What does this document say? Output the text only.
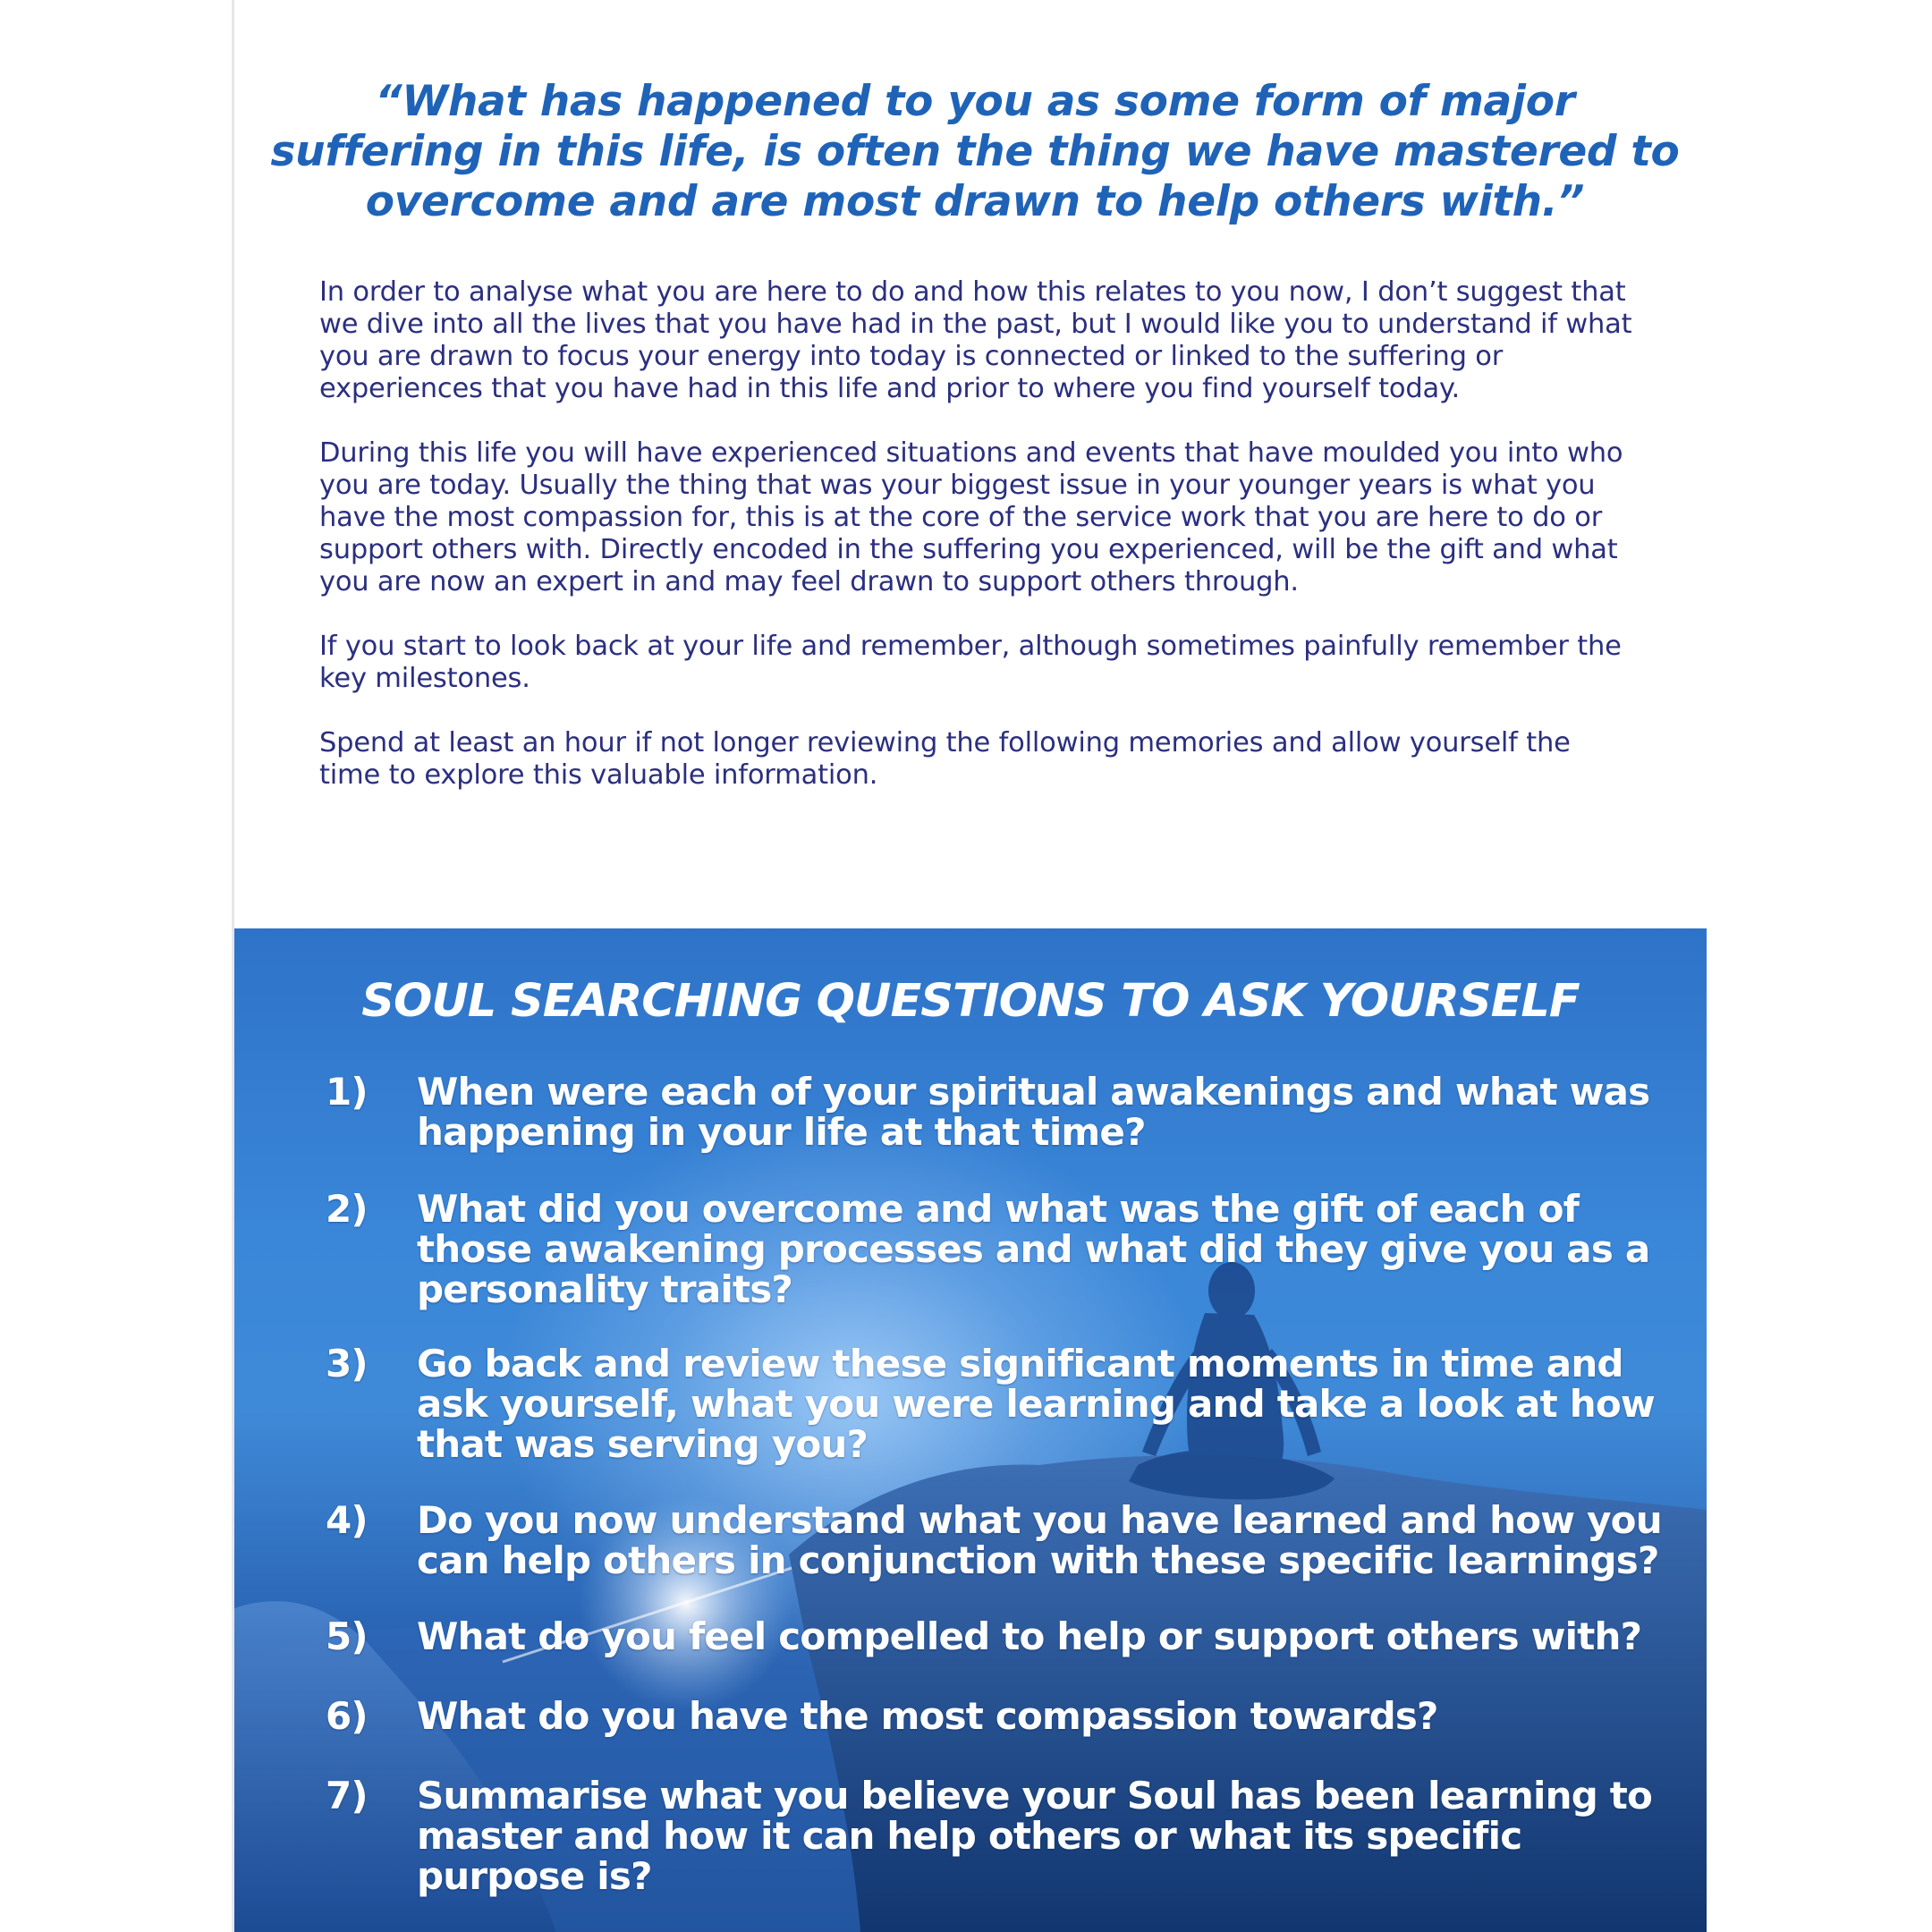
“What has happened to you as some form of major suffering in this life, is often the thing we have mastered to overcome and are most drawn to help others with.”

In order to analyse what you are here to do and how this relates to you now, I don’t suggest that we dive into all the lives that you have had in the past, but I would like you to understand if what you are drawn to focus your energy into today is connected or linked to the suffering or experiences that you have had in this life and prior to where you find yourself today.

During this life you will have experienced situations and events that have moulded you into who you are today. Usually the thing that was your biggest issue in your younger years is what you have the most compassion for, this is at the core of the service work that you are here to do or support others with. Directly encoded in the suffering you experienced, will be the gift and what you are now an expert in and may feel drawn to support others through.

If you start to look back at your life and remember, although sometimes painfully remember the key milestones.

Spend at least an hour if not longer reviewing the following memories and allow yourself the time to explore this valuable information.

SOUL SEARCHING QUESTIONS TO ASK YOURSELF
1)	When were each of your spiritual awakenings and what was happening in your life at that time?
2)	What did you overcome and what was the gift of each of those awakening processes and what did they give you as a personality traits?
3)	Go back and review these significant moments in time and ask yourself, what you were learning and take a look at how that was serving you?
4)	Do you now understand what you have learned and how you can help others in conjunction with these specific learnings?
5)	What do you feel compelled to help or support others with?
6)	What do you have the most compassion towards?
7)	Summarise what you believe your Soul has been learning to master and how it can help others or what its specific purpose is?
